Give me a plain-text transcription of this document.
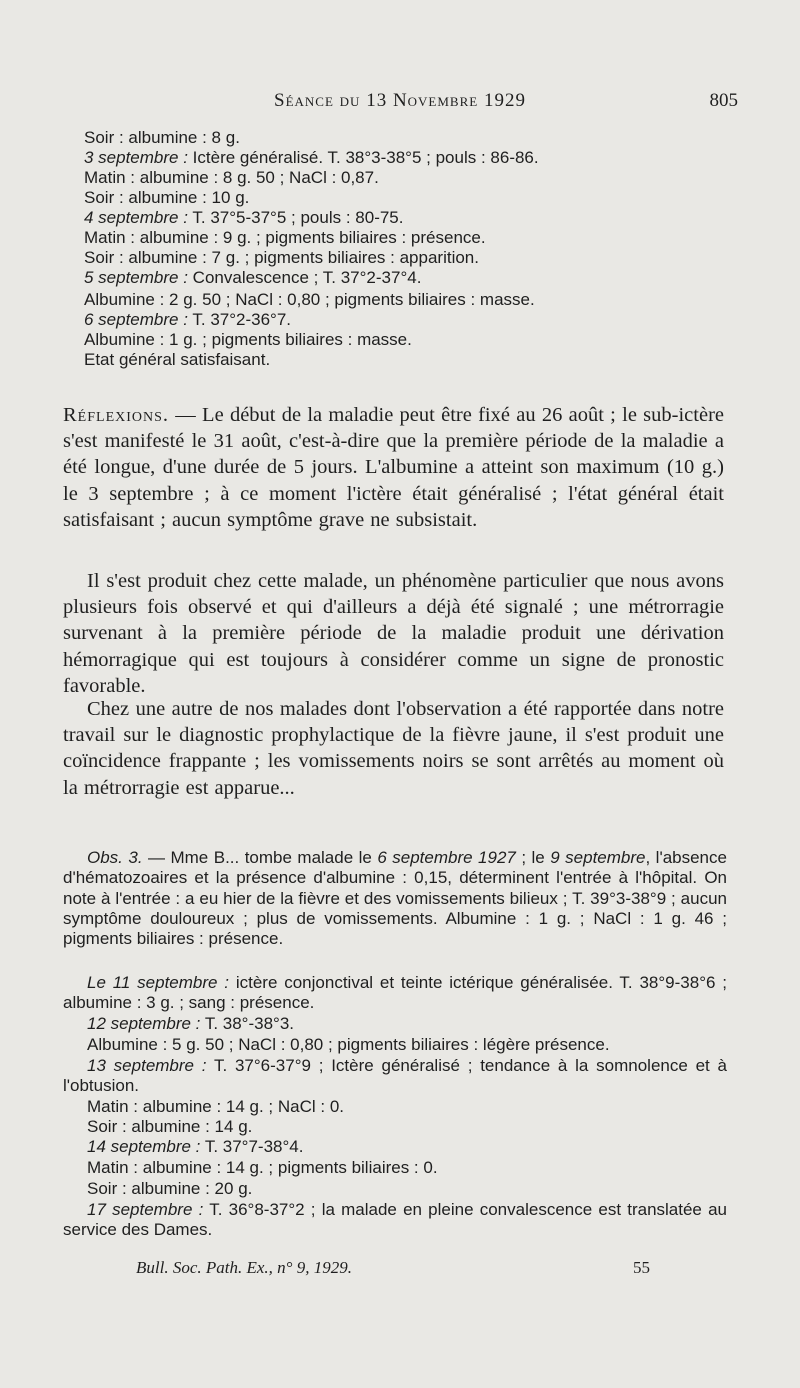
Séance du 13 Novembre 1929	805
Soir : albumine : 8 g.
3 septembre : Ictère généralisé. T. 38°3-38°5 ; pouls : 86-86.
Matin : albumine : 8 g. 50 ; NaCl : 0,87.
Soir : albumine : 10 g.
4 septembre : T. 37°5-37°5 ; pouls : 80-75.
Matin : albumine : 9 g. ; pigments biliaires : présence.
Soir : albumine : 7 g. ; pigments biliaires : apparition.
5 septembre : Convalescence ; T. 37°2-37°4.
Albumine : 2 g. 50 ; NaCl : 0,80 ; pigments biliaires : masse.
6 septembre : T. 37°2-36°7.
Albumine : 1 g. ; pigments biliaires : masse.
Etat général satisfaisant.
Réflexions. — Le début de la maladie peut être fixé au 26 août ; le sub-ictère s'est manifesté le 31 août, c'est-à-dire que la première période de la maladie a été longue, d'une durée de 5 jours. L'albumine a atteint son maximum (10 g.) le 3 septembre ; à ce moment l'ictère était généralisé ; l'état général était satisfaisant ; aucun symptôme grave ne subsistait.
Il s'est produit chez cette malade, un phénomène particulier que nous avons plusieurs fois observé et qui d'ailleurs a déjà été signalé ; une métrorragie survenant à la première période de la maladie produit une dérivation hémorragique qui est toujours à considérer comme un signe de pronostic favorable.
Chez une autre de nos malades dont l'observation a été rapportée dans notre travail sur le diagnostic prophylactique de la fièvre jaune, il s'est produit une coïncidence frappante ; les vomissements noirs se sont arrêtés au moment où la métrorragie est apparue...
Obs. 3. — Mme B... tombe malade le 6 septembre 1927 ; le 9 septembre, l'absence d'hématozoaires et la présence d'albumine : 0,15, déterminent l'entrée à l'hôpital. On note à l'entrée : a eu hier de la fièvre et des vomissements bilieux ; T. 39°3-38°9 ; aucun symptôme douloureux ; plus de vomissements. Albumine : 1 g. ; NaCl : 1 g. 46 ; pigments biliaires : présence.
Le 11 septembre : ictère conjonctival et teinte ictérique généralisée. T. 38°9-38°6 ; albumine : 3 g. ; sang : présence.
12 septembre : T. 38°-38°3.
Albumine : 5 g. 50 ; NaCl : 0,80 ; pigments biliaires : légère présence.
13 septembre : T. 37°6-37°9 ; Ictère généralisé ; tendance à la somnolence et à l'obtusion.
Matin : albumine : 14 g. ; NaCl : 0.
Soir : albumine : 14 g.
14 septembre : T. 37°7-38°4.
Matin : albumine : 14 g. ; pigments biliaires : 0.
Soir : albumine : 20 g.
17 septembre : T. 36°8-37°2 ; la malade en pleine convalescence est translatée au service des Dames.
Bull. Soc. Path. Ex., n° 9, 1929.	55
